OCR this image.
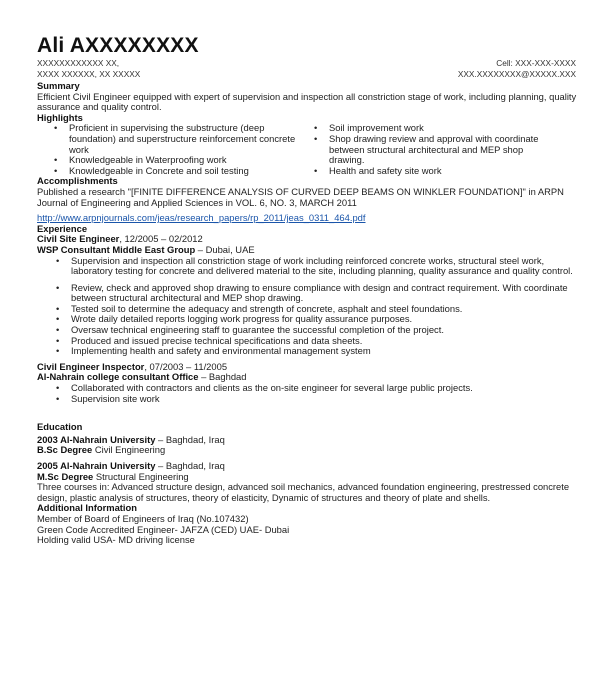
Ali AXXXXXXXX
XXXXXXXXXXXX XX,
XXXX XXXXXX, XX XXXXX
Cell: XXX-XXX-XXXX
XXX.XXXXXXXX@XXXXX.XXX
Summary
Efficient Civil Engineer equipped with expert of supervision and inspection all constriction stage of work, including planning, quality assurance and quality control.
Highlights
• Proficient in supervising the substructure (deep foundation) and superstructure reinforcement concrete work
• Knowledgeable in Waterproofing work
• Knowledgeable in Concrete and soil testing
• Soil improvement work
• Shop drawing review and approval with coordinate between structural architectural and MEP shop drawing.
• Health and safety site work
Accomplishments
Published a research "[FINITE DIFFERENCE ANALYSIS OF CURVED DEEP BEAMS ON WINKLER FOUNDATION]" in ARPN Journal of Engineering and Applied Sciences in VOL. 6, NO. 3, MARCH 2011
http://www.arpnjournals.com/jeas/research_papers/rp_2011/jeas_0311_464.pdf
Experience
Civil Site Engineer, 12/2005 – 02/2012
WSP Consultant Middle East Group – Dubai, UAE
• Supervision and inspection all constriction stage of work including reinforced concrete works, structural steel work, laboratory testing for concrete and delivered material to the site, including planning, quality assurance and quality control.
• Review, check and approved shop drawing to ensure compliance with design and contract requirement. With coordinate between structural architectural and MEP shop drawing.
• Tested soil to determine the adequacy and strength of concrete, asphalt and steel foundations.
• Wrote daily detailed reports logging work progress for quality assurance purposes.
• Oversaw technical engineering staff to guarantee the successful completion of the project.
• Produced and issued precise technical specifications and data sheets.
• Implementing health and safety and environmental management system
Civil Engineer Inspector, 07/2003 – 11/2005
Al-Nahrain college consultant Office – Baghdad
• Collaborated with contractors and clients as the on-site engineer for several large public projects.
• Supervision site work
Education
2003 Al-Nahrain University – Baghdad, Iraq
B.Sc Degree Civil Engineering
2005 Al-Nahrain University – Baghdad, Iraq
M.Sc Degree Structural Engineering
Three courses in: Advanced structure design, advanced soil mechanics, advanced foundation engineering, prestressed concrete design, plastic analysis of structures, theory of elasticity, Dynamic of structures and theory of plate and shells.
Additional Information
Member of Board of Engineers of Iraq (No.107432)
Green Code Accredited Engineer- JAFZA (CED) UAE- Dubai
Holding valid USA- MD driving license
